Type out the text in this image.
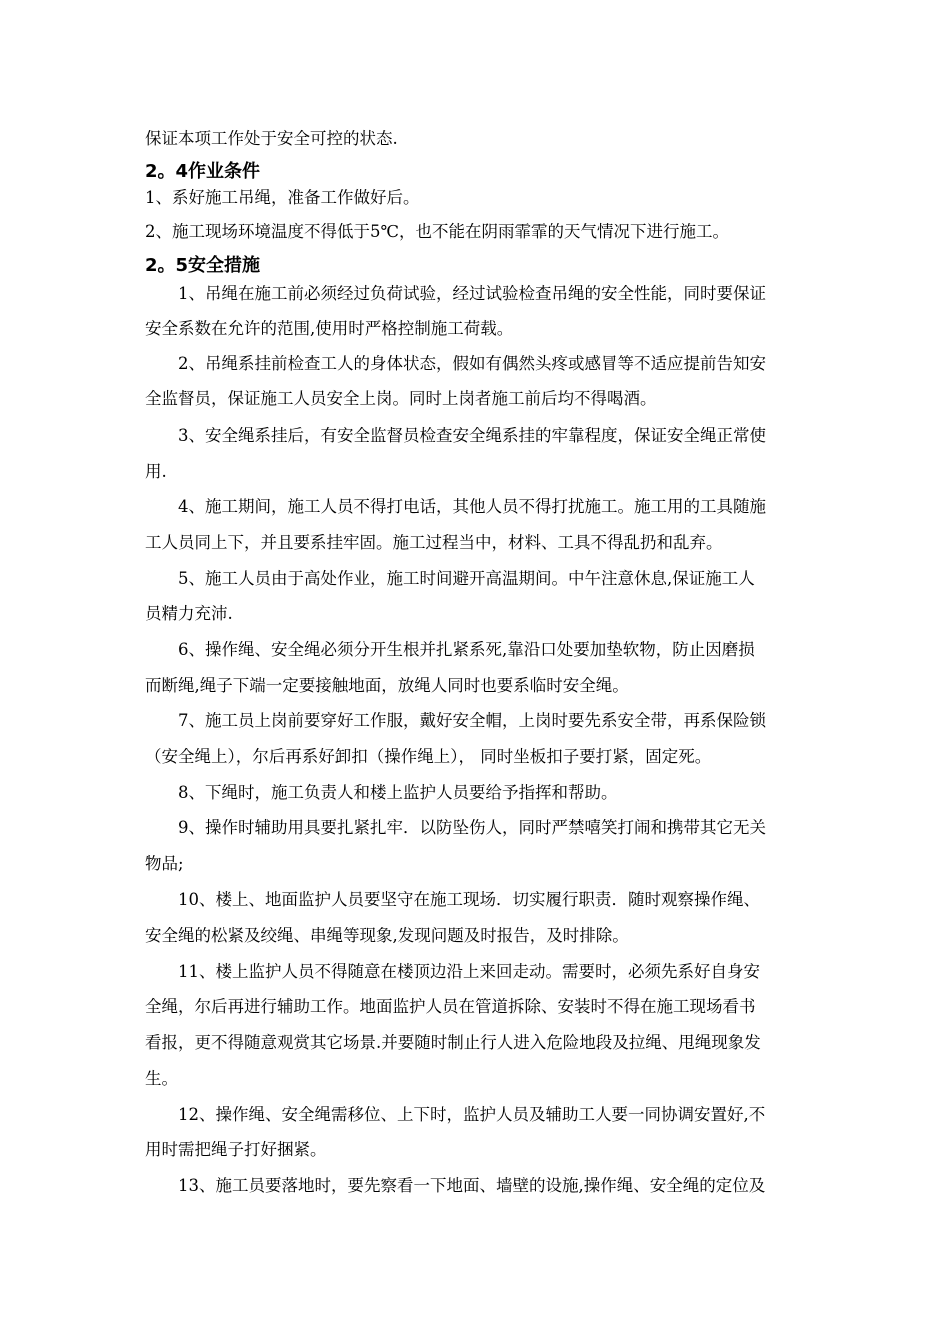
保证本项工作处于安全可控的状态.
2。4作业条件
1、系好施工吊绳，准备工作做好后。
2、施工现场环境温度不得低于5℃，也不能在阴雨霏霏的天气情况下进行施工。
2。5安全措施
1、吊绳在施工前必须经过负荷试验，经过试验检查吊绳的安全性能，同时要保证
安全系数在允许的范围,使用时严格控制施工荷载。
2、吊绳系挂前检查工人的身体状态，假如有偶然头疼或感冒等不适应提前告知安
全监督员，保证施工人员安全上岗。同时上岗者施工前后均不得喝酒。
3、安全绳系挂后，有安全监督员检查安全绳系挂的牢靠程度，保证安全绳正常使
用.
4、施工期间，施工人员不得打电话，其他人员不得打扰施工。施工用的工具随施
工人员同上下，并且要系挂牢固。施工过程当中，材料、工具不得乱扔和乱弃。
5、施工人员由于高处作业，施工时间避开高温期间。中午注意休息,保证施工人
员精力充沛.
6、操作绳、安全绳必须分开生根并扎紧系死,靠沿口处要加垫软物，防止因磨损
而断绳,绳子下端一定要接触地面，放绳人同时也要系临时安全绳。
7、施工员上岗前要穿好工作服，戴好安全帽，上岗时要先系安全带，再系保险锁
（安全绳上），尔后再系好卸扣（操作绳上）， 同时坐板扣子要打紧，固定死。
8、下绳时，施工负责人和楼上监护人员要给予指挥和帮助。
9、操作时辅助用具要扎紧扎牢．以防坠伤人，同时严禁嘻笑打闹和携带其它无关
物品;
10、楼上、地面监护人员要坚守在施工现场．切实履行职责．随时观察操作绳、
安全绳的松紧及绞绳、串绳等现象,发现问题及时报告，及时排除。
11、楼上监护人员不得随意在楼顶边沿上来回走动。需要时，必须先系好自身安
全绳，尔后再进行辅助工作。地面监护人员在管道拆除、安装时不得在施工现场看书
看报，更不得随意观赏其它场景.并要随时制止行人进入危险地段及拉绳、甩绳现象发
生。
12、操作绳、安全绳需移位、上下时，监护人员及辅助工人要一同协调安置好,不
用时需把绳子打好捆紧。
13、施工员要落地时，要先察看一下地面、墙壁的设施,操作绳、安全绳的定位及
